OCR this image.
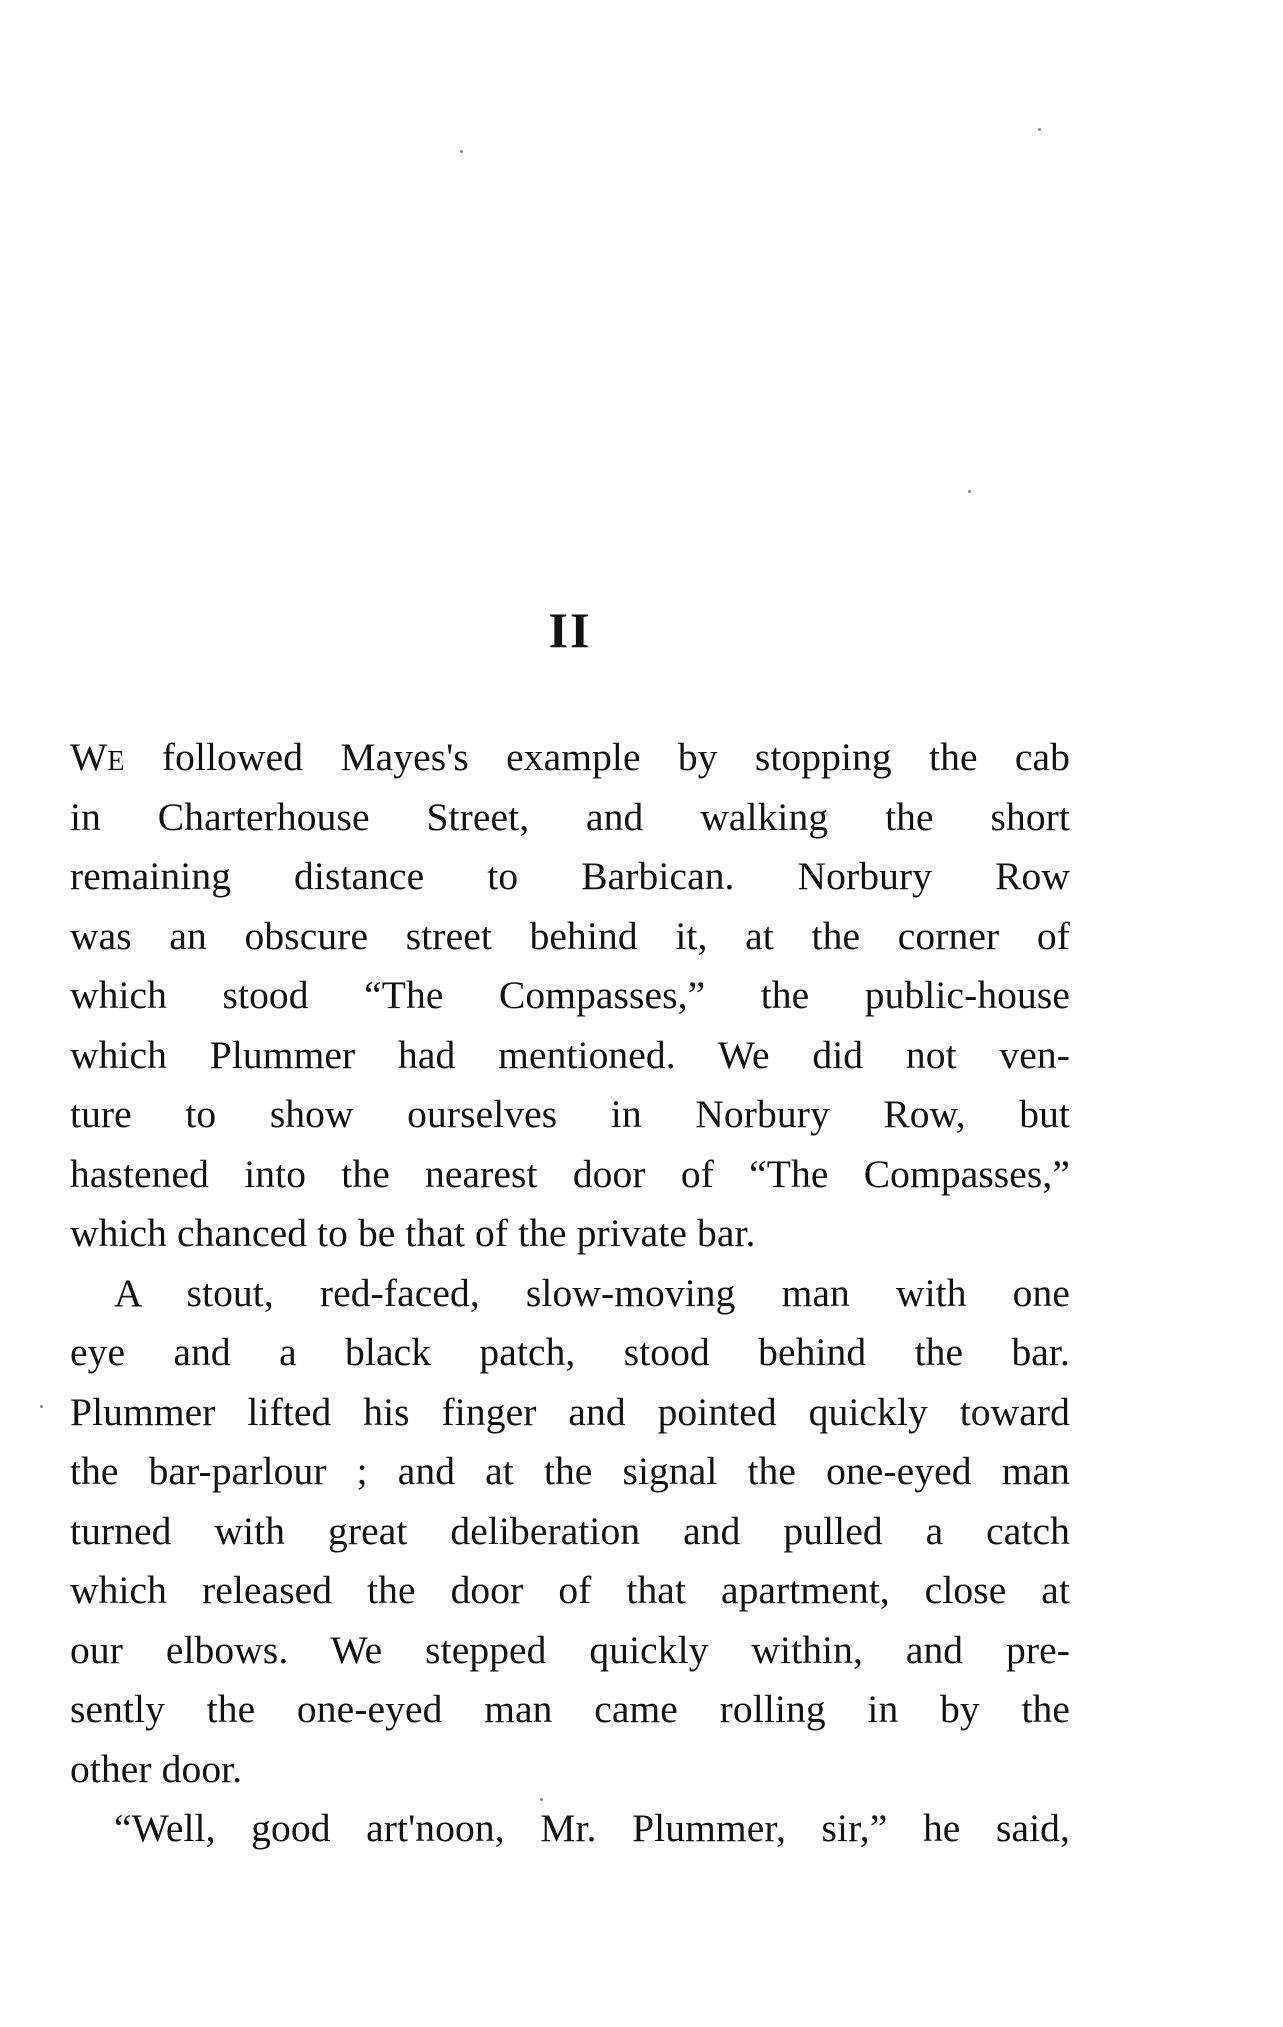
II
We followed Mayes's example by stopping the cab
in Charterhouse Street, and walking the short
remaining distance to Barbican. Norbury Row
was an obscure street behind it, at the corner of
which stood “The Compasses,” the public-house
which Plummer had mentioned. We did not ven-
ture to show ourselves in Norbury Row, but
hastened into the nearest door of “The Compasses,”
which chanced to be that of the private bar.
A stout, red-faced, slow-moving man with one
eye and a black patch, stood behind the bar.
Plummer lifted his finger and pointed quickly toward
the bar-parlour ; and at the signal the one-eyed man
turned with great deliberation and pulled a catch
which released the door of that apartment, close at
our elbows. We stepped quickly within, and pre-
sently the one-eyed man came rolling in by the
other door.
“Well, good art'noon, Mr. Plummer, sir,” he said,
